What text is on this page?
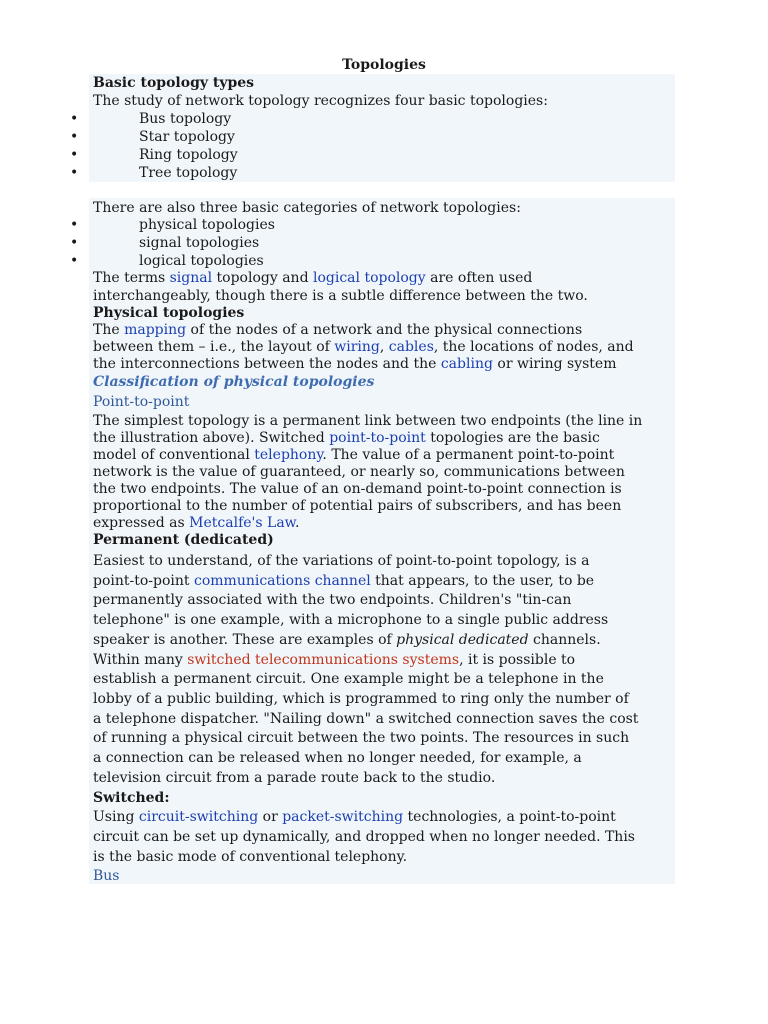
Topologies
Basic topology types
The study of network topology recognizes four basic topologies:
•	Bus topology
•	Star topology
•	Ring topology
•	Tree topology
There are also three basic categories of network topologies:
•	physical topologies
•	signal topologies
•	logical topologies
The terms signal topology and logical topology are often used
interchangeably, though there is a subtle difference between the two.
Physical topologies
The mapping of the nodes of a network and the physical connections
between them – i.e., the layout of wiring, cables, the locations of nodes, and
the interconnections between the nodes and the cabling or wiring system
Classification of physical topologies
Point-to-point
The simplest topology is a permanent link between two endpoints (the line in
the illustration above). Switched point-to-point topologies are the basic
model of conventional telephony. The value of a permanent point-to-point
network is the value of guaranteed, or nearly so, communications between
the two endpoints. The value of an on-demand point-to-point connection is
proportional to the number of potential pairs of subscribers, and has been
expressed as Metcalfe's Law.
Permanent (dedicated)
Easiest to understand, of the variations of point-to-point topology, is a
point-to-point communications channel that appears, to the user, to be
permanently associated with the two endpoints. Children's "tin-can
telephone" is one example, with a microphone to a single public address
speaker is another. These are examples of physical dedicated channels.
Within many switched telecommunications systems, it is possible to
establish a permanent circuit. One example might be a telephone in the
lobby of a public building, which is programmed to ring only the number of
a telephone dispatcher. "Nailing down" a switched connection saves the cost
of running a physical circuit between the two points. The resources in such
a connection can be released when no longer needed, for example, a
television circuit from a parade route back to the studio.
Switched:
Using circuit-switching or packet-switching technologies, a point-to-point
circuit can be set up dynamically, and dropped when no longer needed. This
is the basic mode of conventional telephony.
Bus
